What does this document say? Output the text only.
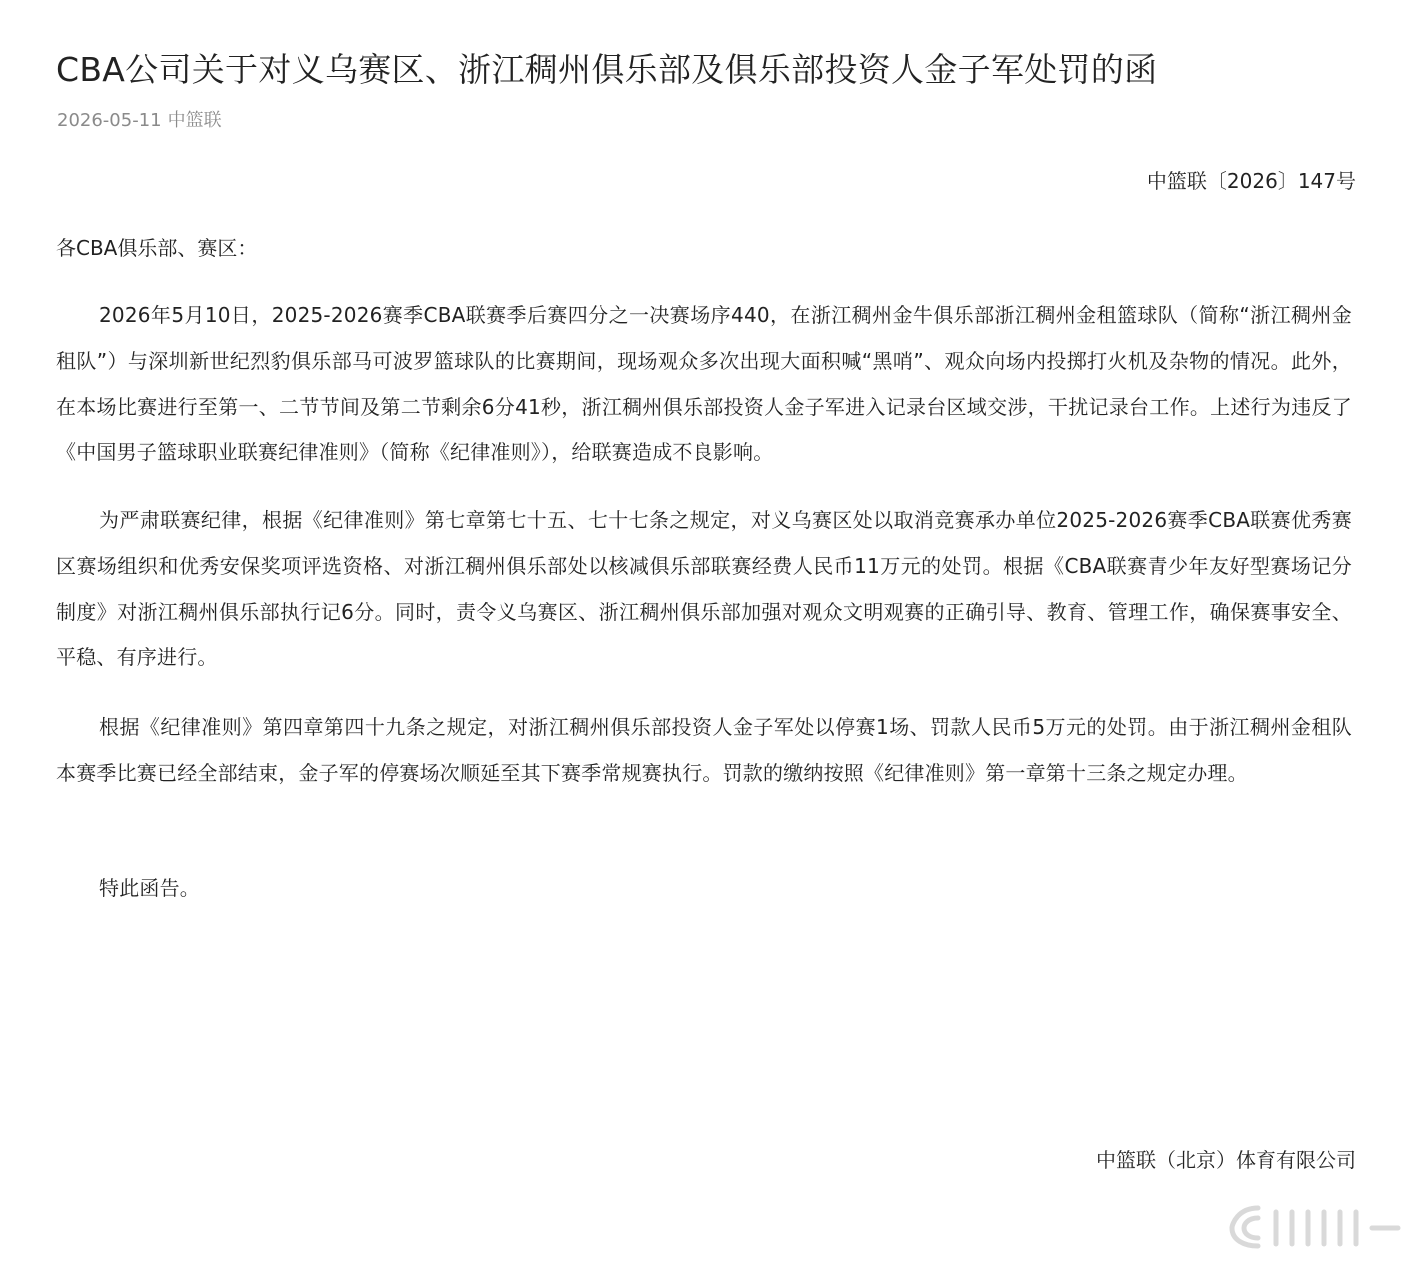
CBA公司关于对义乌赛区、浙江稠州俱乐部及俱乐部投资人金子军处罚的函
2026-05-11 中篮联
中篮联〔2026〕147号
各CBA俱乐部、赛区：

2026年5月10日，2025-2026赛季CBA联赛季后赛四分之一决赛场序440，在浙江稠州金牛俱乐部浙江稠州金租篮球队（简称“浙江稠州金租队”）与深圳新世纪烈豹俱乐部马可波罗篮球队的比赛期间，现场观众多次出现大面积喊“黑哨”、观众向场内投掷打火机及杂物的情况。此外，在本场比赛进行至第一、二节节间及第二节剩余6分41秒，浙江稠州俱乐部投资人金子军进入记录台区域交涉，干扰记录台工作。上述行为违反了《中国男子篮球职业联赛纪律准则》（简称《纪律准则》），给联赛造成不良影响。

为严肃联赛纪律，根据《纪律准则》第七章第七十五、七十七条之规定，对义乌赛区处以取消竞赛承办单位2025-2026赛季CBA联赛优秀赛区赛场组织和优秀安保奖项评选资格、对浙江稠州俱乐部处以核减俱乐部联赛经费人民币11万元的处罚。根据《CBA联赛青少年友好型赛场记分制度》对浙江稠州俱乐部执行记6分。同时，责令义乌赛区、浙江稠州俱乐部加强对观众文明观赛的正确引导、教育、管理工作，确保赛事安全、平稳、有序进行。

根据《纪律准则》第四章第四十九条之规定，对浙江稠州俱乐部投资人金子军处以停赛1场、罚款人民币5万元的处罚。由于浙江稠州金租队本赛季比赛已经全部结束，金子军的停赛场次顺延至其下赛季常规赛执行。罚款的缴纳按照《纪律准则》第一章第十三条之规定办理。

特此函告。

中篮联（北京）体育有限公司
